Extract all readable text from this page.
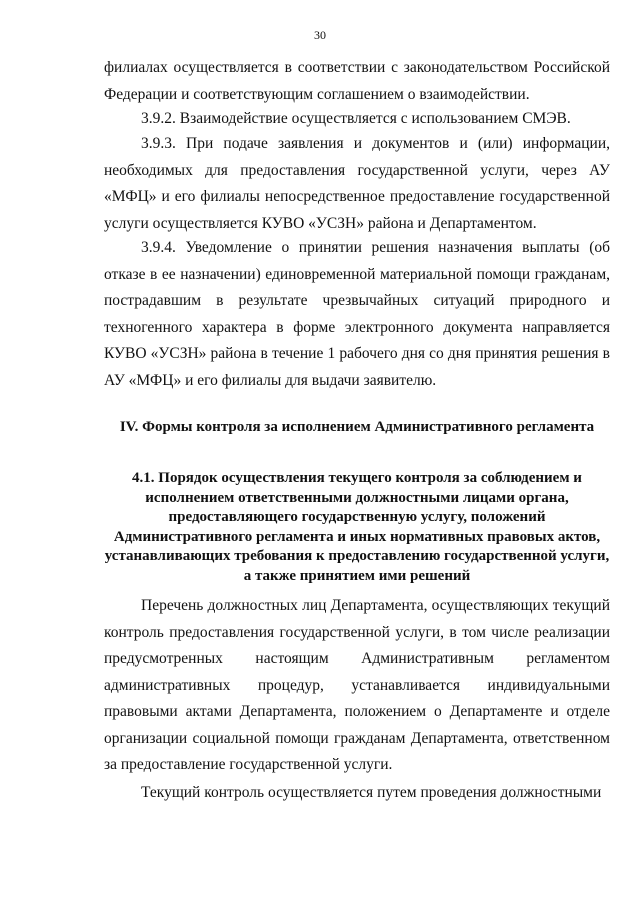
30

филиалах осуществляется в соответствии с законодательством Российской Федерации и соответствующим соглашением о взаимодействии.

3.9.2. Взаимодействие осуществляется с использованием СМЭВ.

3.9.3. При подаче заявления и документов и (или) информации, необходимых для предоставления государственной услуги, через АУ «МФЦ» и его филиалы непосредственное предоставление государственной услуги осуществляется КУВО «УСЗН» района и Департаментом.

3.9.4. Уведомление о принятии решения назначения выплаты (об отказе в ее назначении) единовременной материальной помощи гражданам, пострадавшим в результате чрезвычайных ситуаций природного и техногенного характера в форме электронного документа направляется КУВО «УСЗН» района в течение 1 рабочего дня со дня принятия решения в АУ «МФЦ» и его филиалы для выдачи заявителю.

IV. Формы контроля за исполнением Административного регламента
4.1. Порядок осуществления текущего контроля за соблюдением и исполнением ответственными должностными лицами органа, предоставляющего государственную услугу, положений Административного регламента и иных нормативных правовых актов, устанавливающих требования к предоставлению государственной услуги, а также принятием ими решений

Перечень должностных лиц Департамента, осуществляющих текущий контроль предоставления государственной услуги, в том числе реализации предусмотренных настоящим Административным регламентом административных процедур, устанавливается индивидуальными правовыми актами Департамента, положением о Департаменте и отделе организации социальной помощи гражданам Департамента, ответственном за предоставление государственной услуги.

Текущий контроль осуществляется путем проведения должностными
